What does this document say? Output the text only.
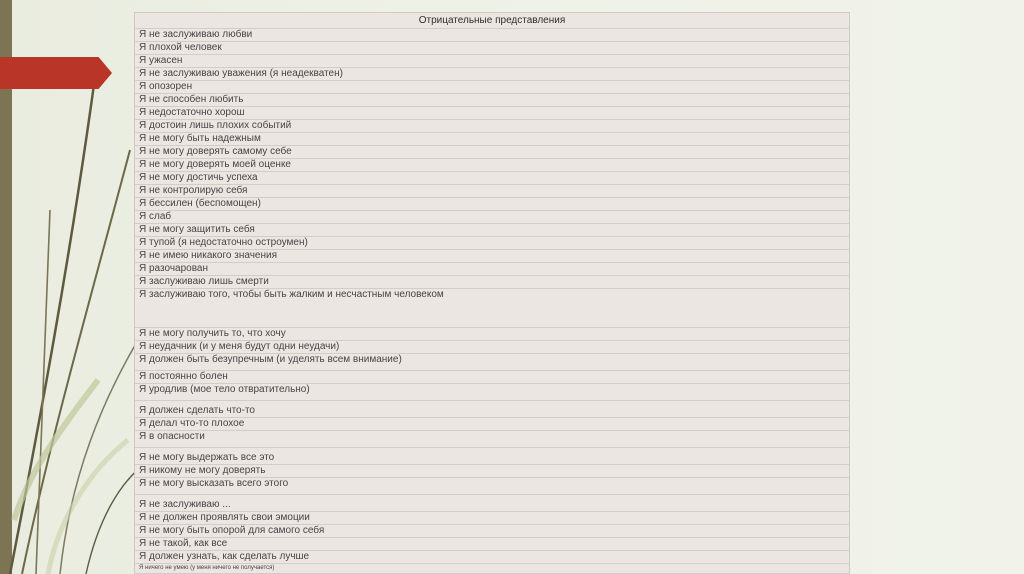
Отрицательные представления
Я не заслуживаю любви
Я плохой человек
Я ужасен
Я не заслуживаю уважения (я неадекватен)
Я опозорен
Я не способен любить
Я недостаточно хорош
Я достоин лишь плохих событий
Я не могу быть надежным
Я не могу доверять самому себе
Я не могу доверять моей оценке
Я не могу достичь успеха
Я не контролирую себя
Я бессилен (беспомощен)
Я слаб
Я не могу защитить себя
Я тупой (я недостаточно остроумен)
Я не имею никакого значения
Я разочарован
Я заслуживаю лишь смерти
Я заслуживаю того, чтобы быть жалким и несчастным человеком
Я не могу получить то, что хочу
Я неудачник (и у меня будут одни неудачи)
Я должен быть безупречным (и уделять всем внимание)
Я постоянно болен
Я уродлив (мое тело отвратительно)
Я должен сделать что-то
Я делал что-то плохое
Я в опасности
Я не могу выдержать все это
Я никому не могу доверять
Я не могу высказать всего этого
Я не заслуживаю ...
Я не должен проявлять свои эмоции
Я не могу быть опорой для самого себя
Я не такой, как все
Я должен узнать, как сделать лучше
Я ничего не умею (у меня ничего не получается)
